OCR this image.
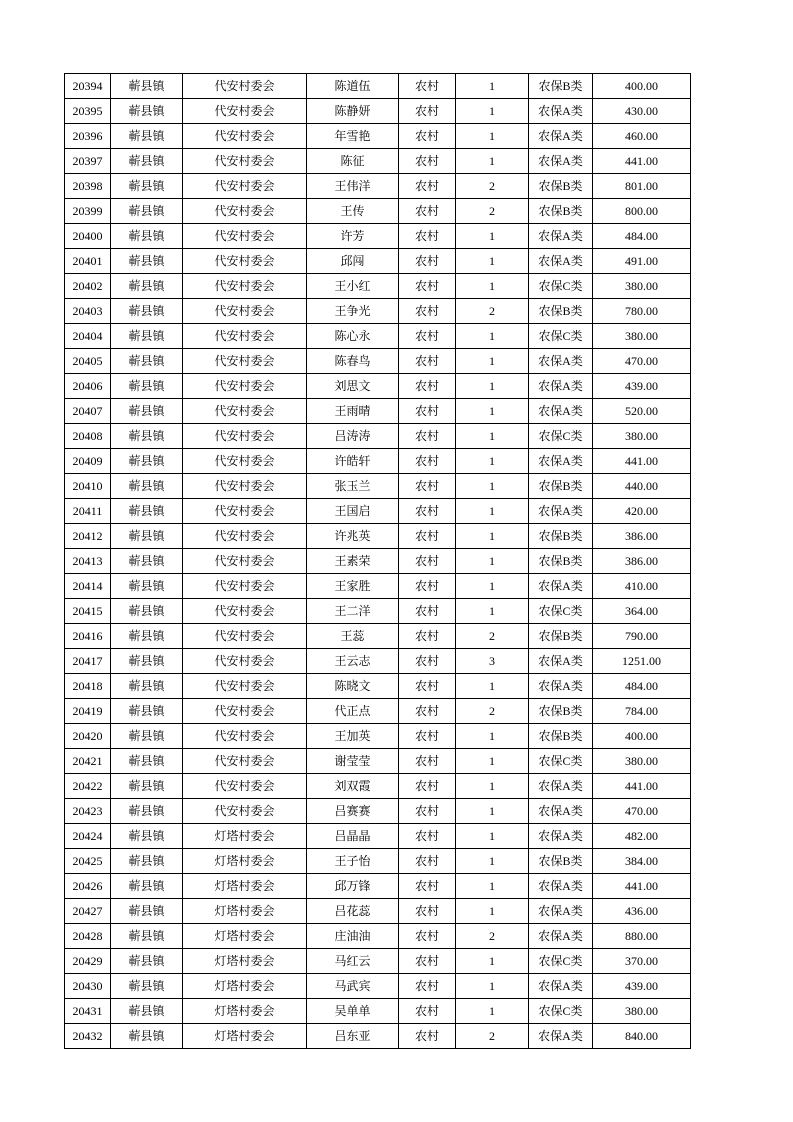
20394	蕲县镇	代安村委会	陈道伍	农村	1	农保B类	400.00
20395	蕲县镇	代安村委会	陈静妍	农村	1	农保A类	430.00
20396	蕲县镇	代安村委会	年雪艳	农村	1	农保A类	460.00
20397	蕲县镇	代安村委会	陈征	农村	1	农保A类	441.00
20398	蕲县镇	代安村委会	王伟洋	农村	2	农保B类	801.00
20399	蕲县镇	代安村委会	王传	农村	2	农保B类	800.00
20400	蕲县镇	代安村委会	许芳	农村	1	农保A类	484.00
20401	蕲县镇	代安村委会	邱闯	农村	1	农保A类	491.00
20402	蕲县镇	代安村委会	王小红	农村	1	农保C类	380.00
20403	蕲县镇	代安村委会	王争光	农村	2	农保B类	780.00
20404	蕲县镇	代安村委会	陈心永	农村	1	农保C类	380.00
20405	蕲县镇	代安村委会	陈春鸟	农村	1	农保A类	470.00
20406	蕲县镇	代安村委会	刘思文	农村	1	农保A类	439.00
20407	蕲县镇	代安村委会	王雨晴	农村	1	农保A类	520.00
20408	蕲县镇	代安村委会	吕涛涛	农村	1	农保C类	380.00
20409	蕲县镇	代安村委会	许皓轩	农村	1	农保A类	441.00
20410	蕲县镇	代安村委会	张玉兰	农村	1	农保B类	440.00
20411	蕲县镇	代安村委会	王国启	农村	1	农保A类	420.00
20412	蕲县镇	代安村委会	许兆英	农村	1	农保B类	386.00
20413	蕲县镇	代安村委会	王素荣	农村	1	农保B类	386.00
20414	蕲县镇	代安村委会	王家胜	农村	1	农保A类	410.00
20415	蕲县镇	代安村委会	王二洋	农村	1	农保C类	364.00
20416	蕲县镇	代安村委会	王蕊	农村	2	农保B类	790.00
20417	蕲县镇	代安村委会	王云志	农村	3	农保A类	1251.00
20418	蕲县镇	代安村委会	陈晓文	农村	1	农保A类	484.00
20419	蕲县镇	代安村委会	代正点	农村	2	农保B类	784.00
20420	蕲县镇	代安村委会	王加英	农村	1	农保B类	400.00
20421	蕲县镇	代安村委会	谢莹莹	农村	1	农保C类	380.00
20422	蕲县镇	代安村委会	刘双霞	农村	1	农保A类	441.00
20423	蕲县镇	代安村委会	吕赛赛	农村	1	农保A类	470.00
20424	蕲县镇	灯塔村委会	吕晶晶	农村	1	农保A类	482.00
20425	蕲县镇	灯塔村委会	王子怡	农村	1	农保B类	384.00
20426	蕲县镇	灯塔村委会	邱万锋	农村	1	农保A类	441.00
20427	蕲县镇	灯塔村委会	吕花蕊	农村	1	农保A类	436.00
20428	蕲县镇	灯塔村委会	庄油油	农村	2	农保A类	880.00
20429	蕲县镇	灯塔村委会	马红云	农村	1	农保C类	370.00
20430	蕲县镇	灯塔村委会	马武宾	农村	1	农保A类	439.00
20431	蕲县镇	灯塔村委会	吴单单	农村	1	农保C类	380.00
20432	蕲县镇	灯塔村委会	吕东亚	农村	2	农保A类	840.00
